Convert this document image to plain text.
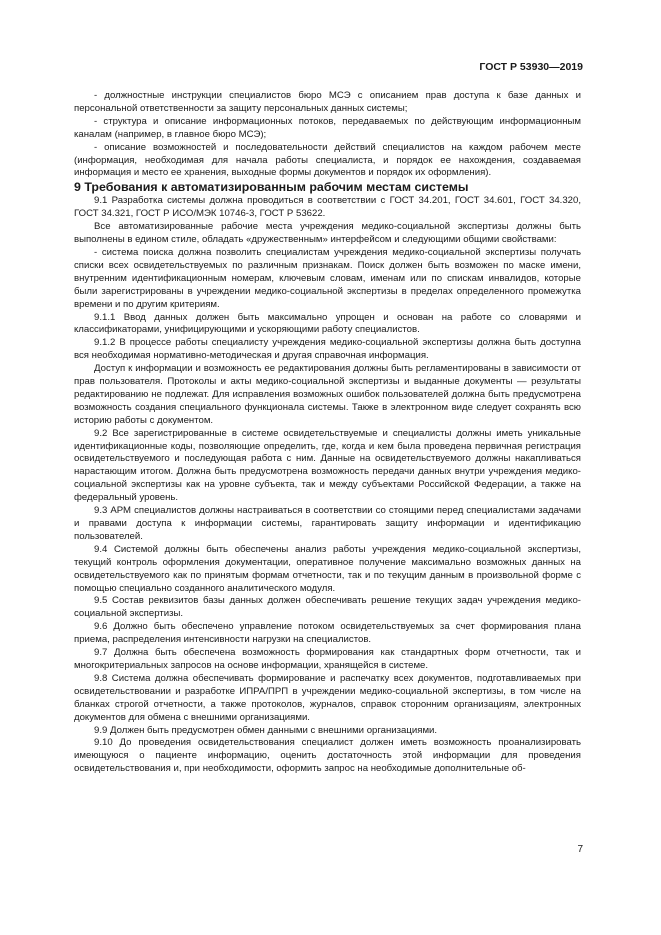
ГОСТ Р 53930—2019

- должностные инструкции специалистов бюро МСЭ с описанием прав доступа к базе данных и персональной ответственности за защиту персональных данных системы;

- структура и описание информационных потоков, передаваемых по действующим информационным каналам (например, в главное бюро МСЭ);

- описание возможностей и последовательности действий специалистов на каждом рабочем месте (информация, необходимая для начала работы специалиста, и порядок ее нахождения, создаваемая информация и место ее хранения, выходные формы документов и порядок их оформления).

9 Требования к автоматизированным рабочим местам системы

9.1 Разработка системы должна проводиться в соответствии с ГОСТ 34.201, ГОСТ 34.601, ГОСТ 34.320, ГОСТ 34.321, ГОСТ Р ИСО/МЭК 10746-3, ГОСТ Р 53622.

Все автоматизированные рабочие места учреждения медико-социальной экспертизы должны быть выполнены в едином стиле, обладать «дружественным» интерфейсом и следующими общими свойствами:

- система поиска должна позволить специалистам учреждения медико-социальной экспертизы получать списки всех освидетельствуемых по различным признакам. Поиск должен быть возможен по маске имени, внутренним идентификационным номерам, ключевым словам, именам или по спискам инвалидов, которые были зарегистрированы в учреждении медико-социальной экспертизы в пределах определенного промежутка времени и по другим критериям.

9.1.1 Ввод данных должен быть максимально упрощен и основан на работе со словарями и классификаторами, унифицирующими и ускоряющими работу специалистов.

9.1.2 В процессе работы специалисту учреждения медико-социальной экспертизы должна быть доступна вся необходимая нормативно-методическая и другая справочная информация.

Доступ к информации и возможность ее редактирования должны быть регламентированы в зависимости от прав пользователя. Протоколы и акты медико-социальной экспертизы и выданные документы — результаты редактированию не подлежат. Для исправления возможных ошибок пользователей должна быть предусмотрена возможность создания специального функционала системы. Также в электронном виде следует сохранять всю историю работы с документом.

9.2 Все зарегистрированные в системе освидетельствуемые и специалисты должны иметь уникальные идентификационные коды, позволяющие определить, где, когда и кем была проведена первичная регистрация освидетельствуемого и последующая работа с ним. Данные на освидетельствуемого должны накапливаться нарастающим итогом. Должна быть предусмотрена возможность передачи данных внутри учреждения медико-социальной экспертизы как на уровне субъекта, так и между субъектами Российской Федерации, а также на федеральный уровень.

9.3 АРМ специалистов должны настраиваться в соответствии со стоящими перед специалистами задачами и правами доступа к информации системы, гарантировать защиту информации и идентификацию пользователей.

9.4 Системой должны быть обеспечены анализ работы учреждения медико-социальной экспертизы, текущий контроль оформления документации, оперативное получение максимально возможных данных на освидетельствуемого как по принятым формам отчетности, так и по текущим данным в произвольной форме с помощью специально созданного аналитического модуля.

9.5 Состав реквизитов базы данных должен обеспечивать решение текущих задач учреждения медико-социальной экспертизы.

9.6 Должно быть обеспечено управление потоком освидетельствуемых за счет формирования плана приема, распределения интенсивности нагрузки на специалистов.

9.7 Должна быть обеспечена возможность формирования как стандартных форм отчетности, так и многокритериальных запросов на основе информации, хранящейся в системе.

9.8 Система должна обеспечивать формирование и распечатку всех документов, подготавливаемых при освидетельствовании и разработке ИПРА/ПРП в учреждении медико-социальной экспертизы, в том числе на бланках строгой отчетности, а также протоколов, журналов, справок сторонним организациям, электронных документов для обмена с внешними организациями.

9.9 Должен быть предусмотрен обмен данными с внешними организациями.

9.10 До проведения освидетельствования специалист должен иметь возможность проанализировать имеющуюся о пациенте информацию, оценить достаточность этой информации для проведения освидетельствования и, при необходимости, оформить запрос на необходимые дополнительные об-

7
